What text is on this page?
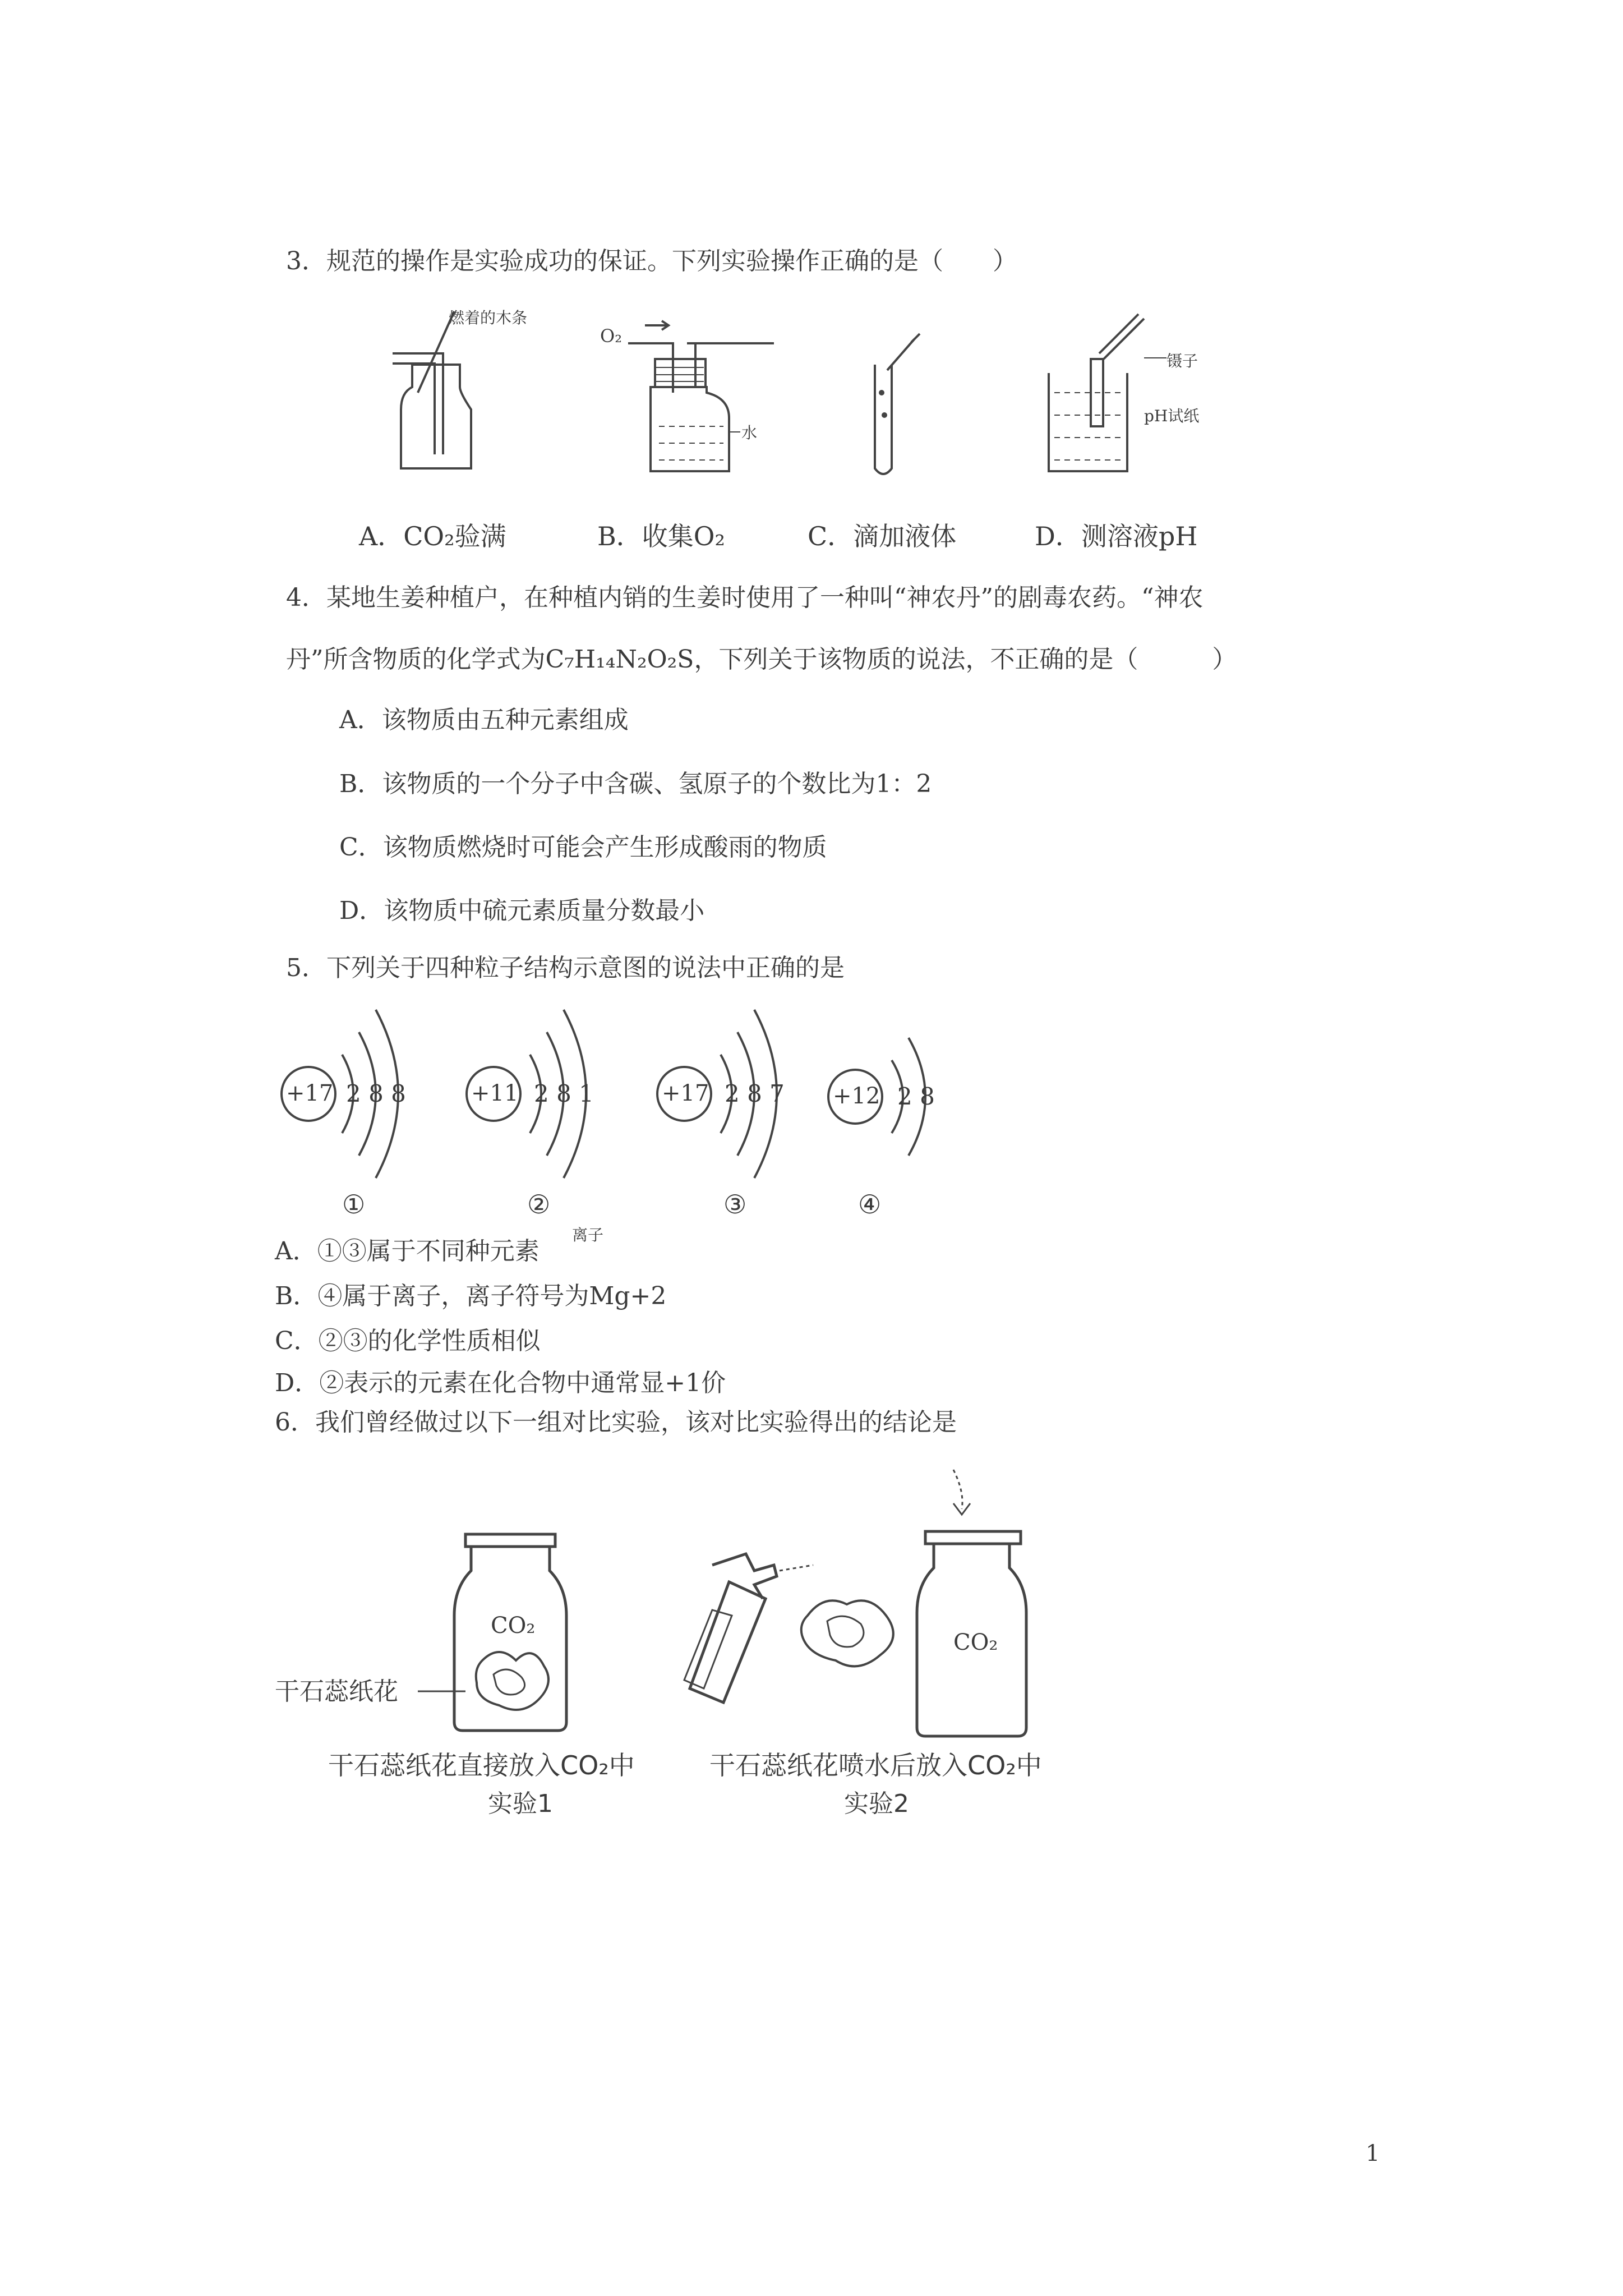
3．规范的操作是实验成功的保证。下列实验操作正确的是（　　）
燃着的木条
O₂
水
镊子
pH试纸
A．CO₂验满	B．收集O₂	C．滴加液体	D．测溶液pH
4．某地生姜种植户，在种植内销的生姜时使用了一种叫“神农丹”的剧毒农药。“神农
丹”所含物质的化学式为C₇H₁₄N₂O₂S，下列关于该物质的说法，不正确的是（　　　）
A．该物质由五种元素组成
B．该物质的一个分子中含碳、氢原子的个数比为1：2
C．该物质燃烧时可能会产生形成酸雨的物质
D．该物质中硫元素质量分数最小
5．下列关于四种粒子结构示意图的说法中正确的是
+17 2 8 8
①
+11 2 8 1
②
离子
+17 2 8 7
③
+12 2 8
④
A．①③属于不同种元素
B．④属于离子，离子符号为Mg+2
C．②③的化学性质相似
D．②表示的元素在化合物中通常显+1价
6．我们曾经做过以下一组对比实验，该对比实验得出的结论是
CO₂
CO₂
干石蕊纸花
干石蕊纸花直接放入CO₂中
实验1
干石蕊纸花喷水后放入CO₂中
实验2
1
